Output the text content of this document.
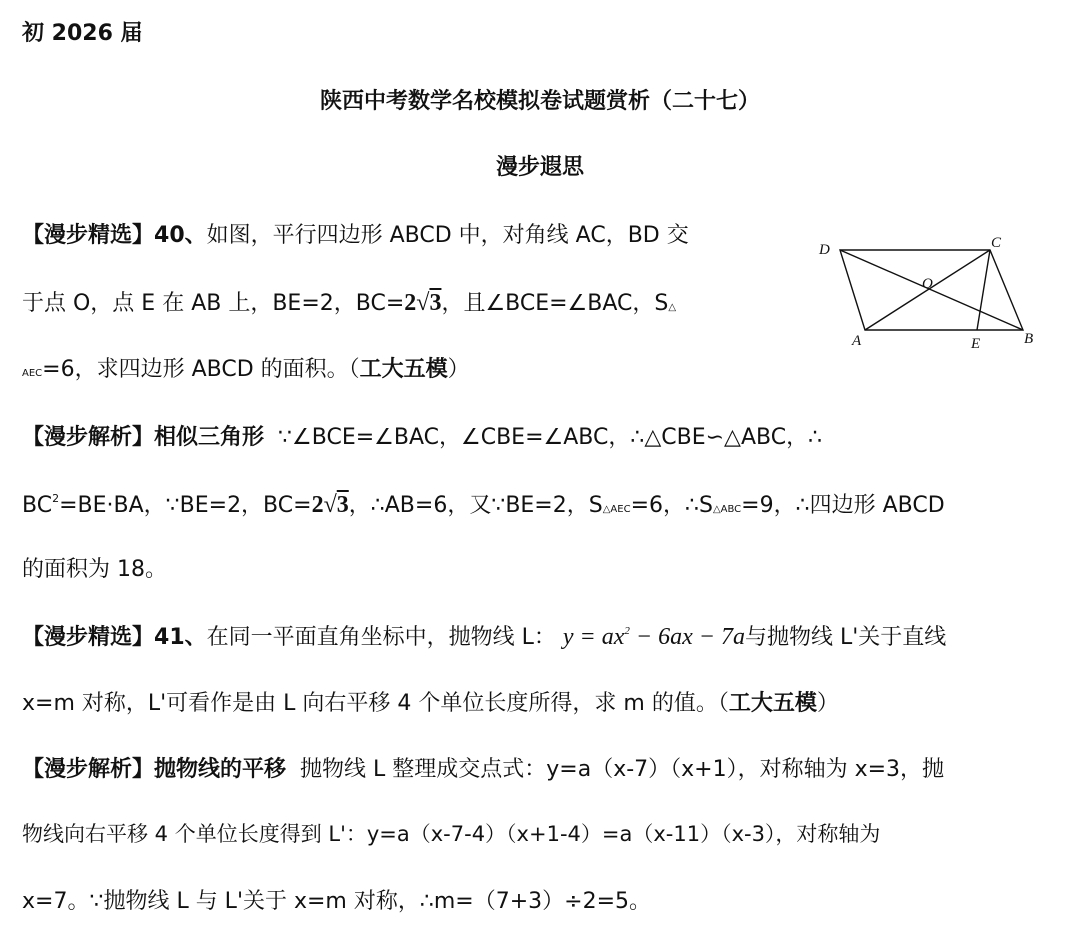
初 2026 届
陕西中考数学名校模拟卷试题赏析（二十七）
漫步遐思
【漫步精选】40、如图，平行四边形 ABCD 中，对角线 AC，BD 交
于点 O，点 E 在 AB 上，BE=2，BC=2√3，且∠BCE=∠BAC，S△
AEC=6，求四边形 ABCD 的面积。（工大五模）
D	C
O
A	E	B
【漫步解析】相似三角形 ∵∠BCE=∠BAC，∠CBE=∠ABC，∴△CBE∽△ABC，∴
$BC^2=BE\cdot BA$，∵BE=2，BC=2√3，∴AB=6，又∵BE=2，S△AEC=6，∴S△ABC=9，∴四边形 ABCD
的面积为 18。
【漫步精选】41、在同一平面直角坐标中，抛物线 L： $y = ax^2 - 6ax - 7a$与抛物线 L'关于直线
x=m 对称，L'可看作是由 L 向右平移 4 个单位长度所得，求 m 的值。（工大五模）
【漫步解析】抛物线的平移 抛物线 L 整理成交点式：y=a（x-7）（x+1），对称轴为 x=3，抛
物线向右平移 4 个单位长度得到 L'：y=a（x-7-4）（x+1-4）=a（x-11）（x-3），对称轴为
x=7。∵抛物线 L 与 L'关于 x=m 对称，∴m=（7+3）÷2=5。
